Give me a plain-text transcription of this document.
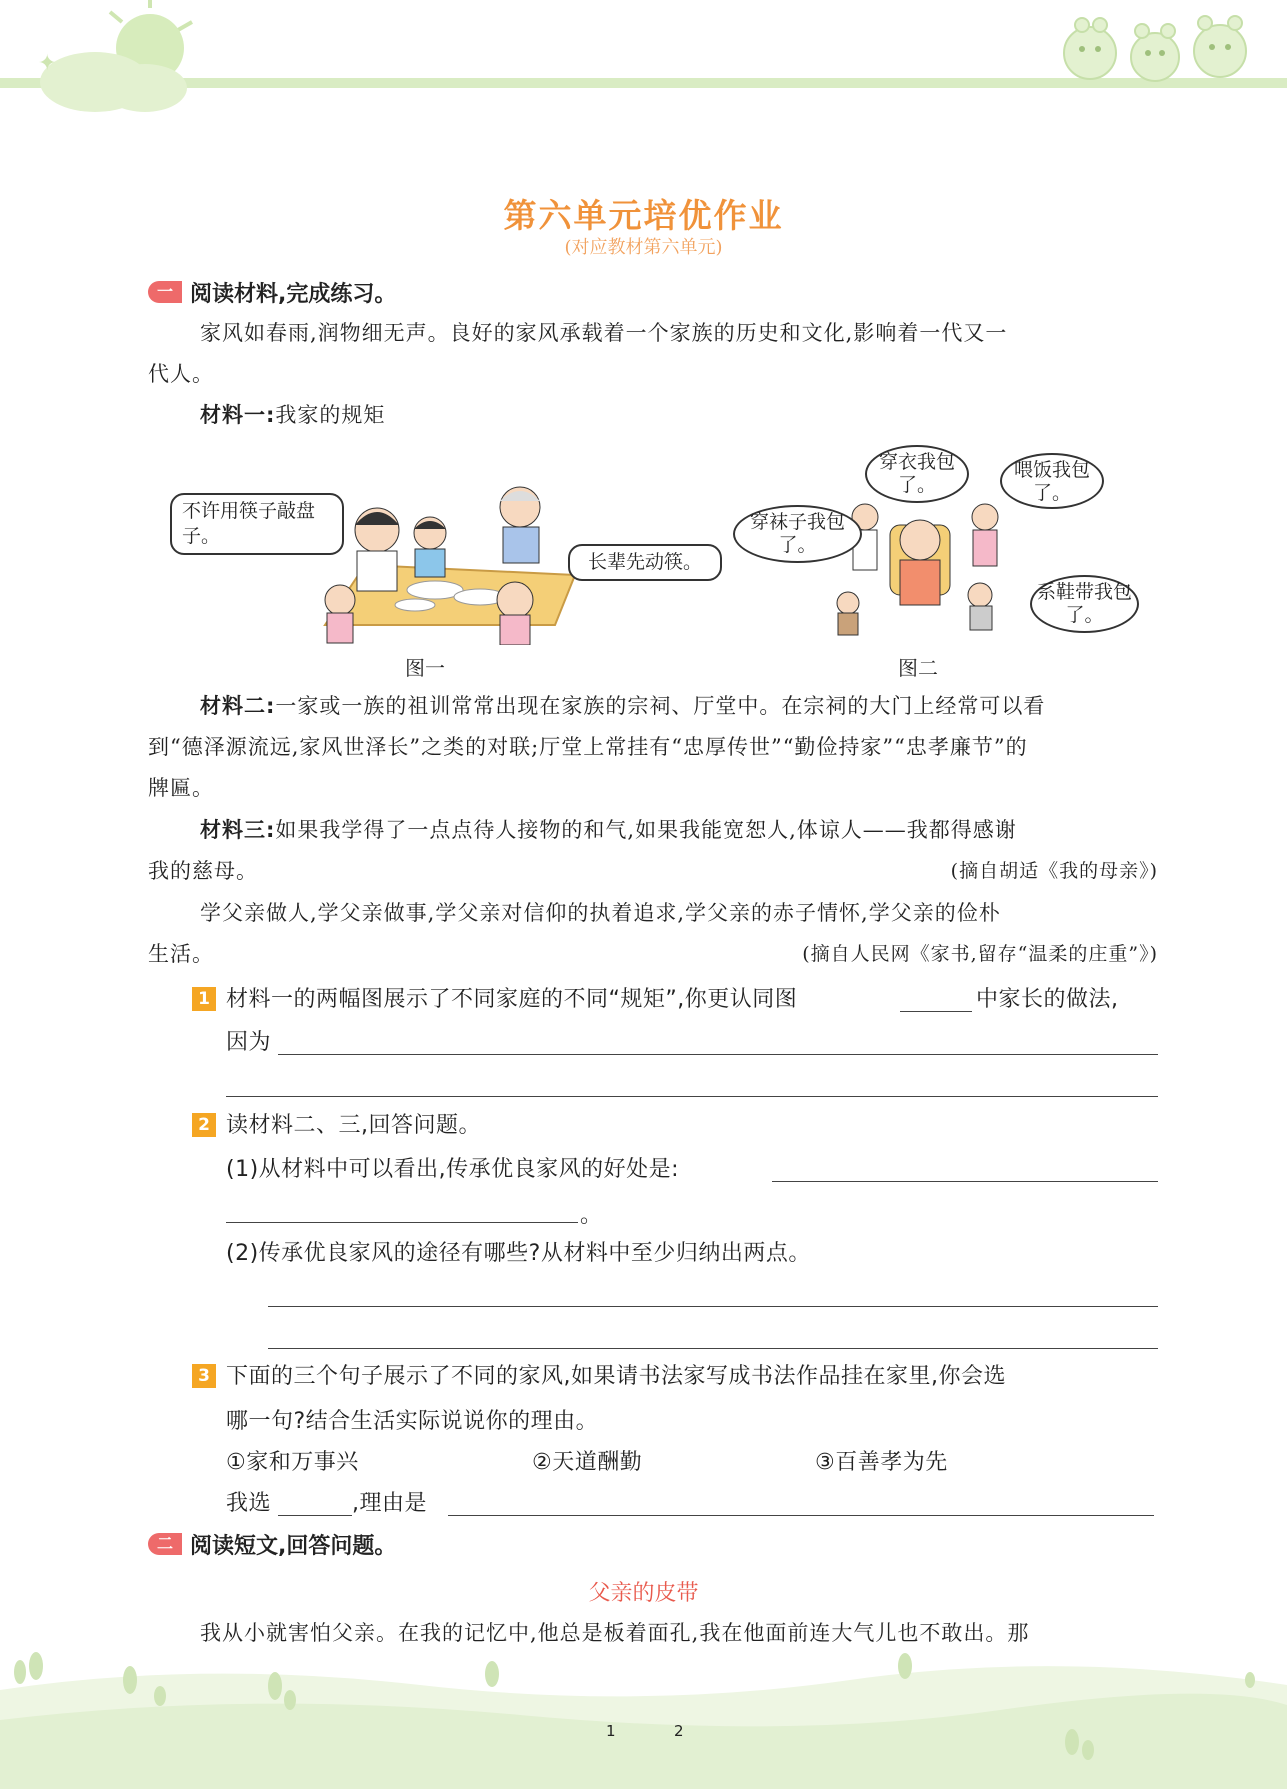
✦
第六单元培优作业
(对应教材第六单元)
一 阅读材料,完成练习。
家风如春雨,润物细无声。良好的家风承载着一个家族的历史和文化,影响着一代又一
代人。
材料一:我家的规矩
不许用筷子敲盘子。
长辈先动筷。
图一
穿衣我包了。
穿袜子我包了。
喂饭我包了。
系鞋带我包了。
图二
材料二:一家或一族的祖训常常出现在家族的宗祠、厅堂中。在宗祠的大门上经常可以看
到“德泽源流远,家风世泽长”之类的对联;厅堂上常挂有“忠厚传世”“勤俭持家”“忠孝廉节”的
牌匾。
材料三:如果我学得了一点点待人接物的和气,如果我能宽恕人,体谅人——我都得感谢
我的慈母。	(摘自胡适《我的母亲》)
学父亲做人,学父亲做事,学父亲对信仰的执着追求,学父亲的赤子情怀,学父亲的俭朴
生活。	(摘自人民网《家书,留存“温柔的庄重”》)
1 材料一的两幅图展示了不同家庭的不同“规矩”,你更认同图	中家长的做法,
因为
2 读材料二、三,回答问题。
(1)从材料中可以看出,传承优良家风的好处是:
。
(2)传承优良家风的途径有哪些?从材料中至少归纳出两点。
3 下面的三个句子展示了不同的家风,如果请书法家写成书法作品挂在家里,你会选
哪一句?结合生活实际说说你的理由。
①家和万事兴	②天道酬勤	③百善孝为先
我选	,理由是
二 阅读短文,回答问题。
父亲的皮带
我从小就害怕父亲。在我的记忆中,他总是板着面孔,我在他面前连大气儿也不敢出。那
1	2
